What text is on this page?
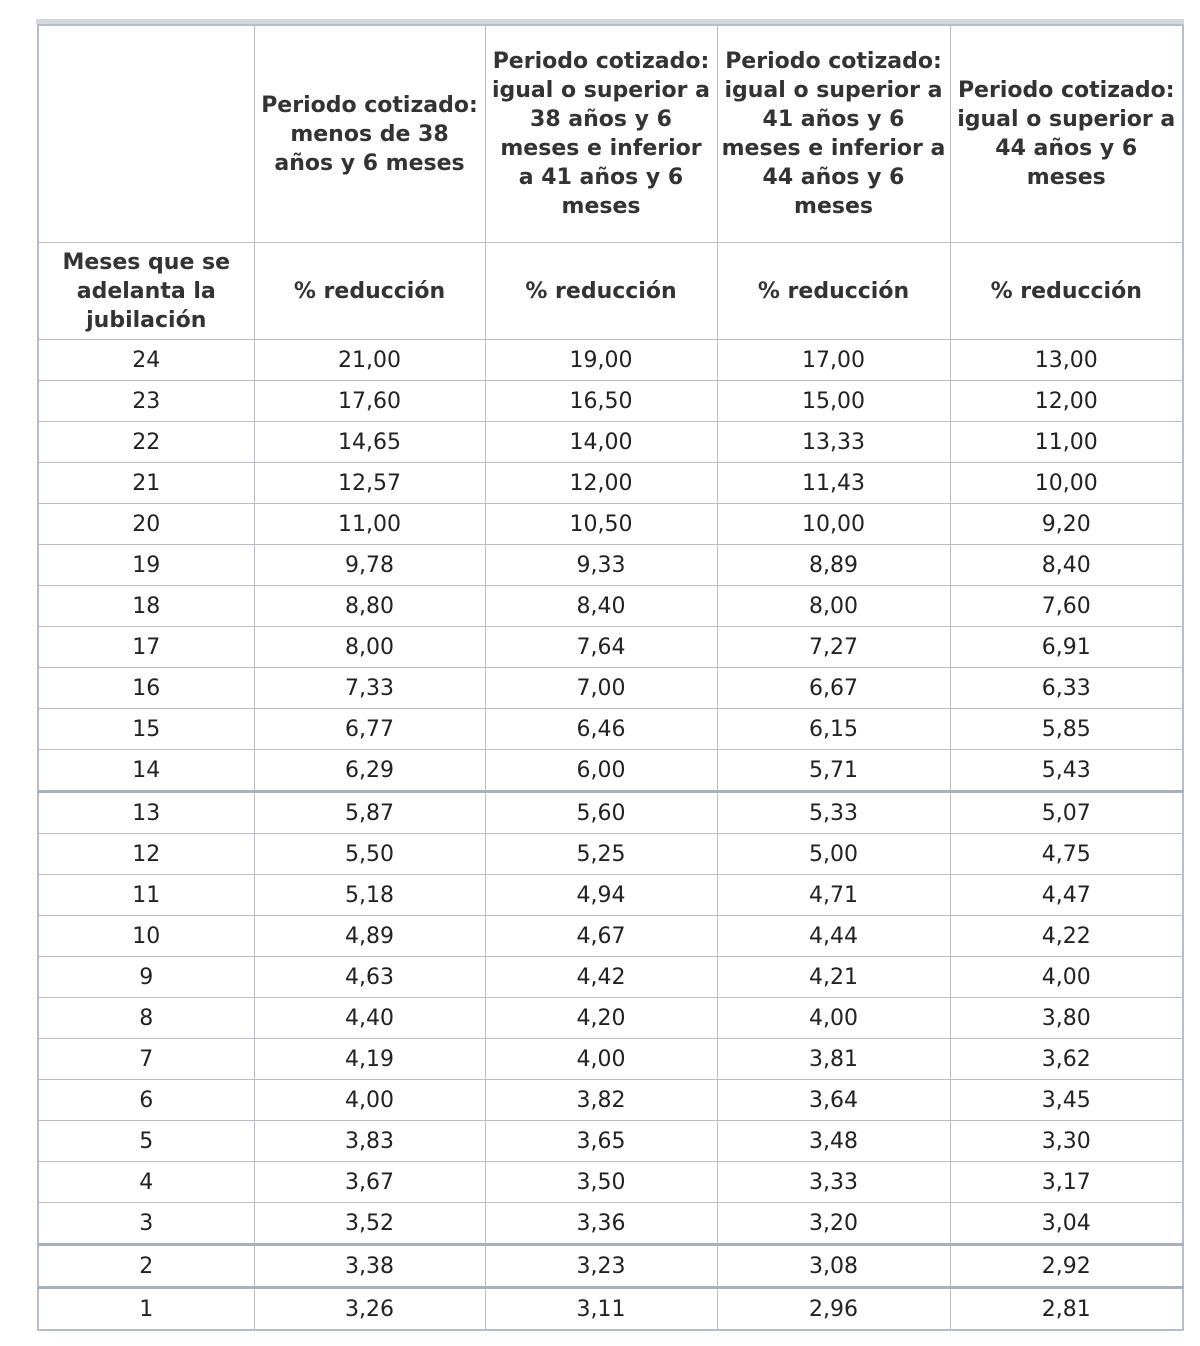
	Periodo cotizado: menos de 38 años y 6 meses	Periodo cotizado: igual o superior a 38 años y 6 meses e inferior a 41 años y 6 meses	Periodo cotizado: igual o superior a 41 años y 6 meses e inferior a 44 años y 6 meses	Periodo cotizado: igual o superior a 44 años y 6 meses
Meses que se adelanta la jubilación	% reducción	% reducción	% reducción	% reducción
24	21,00	19,00	17,00	13,00
23	17,60	16,50	15,00	12,00
22	14,65	14,00	13,33	11,00
21	12,57	12,00	11,43	10,00
20	11,00	10,50	10,00	9,20
19	9,78	9,33	8,89	8,40
18	8,80	8,40	8,00	7,60
17	8,00	7,64	7,27	6,91
16	7,33	7,00	6,67	6,33
15	6,77	6,46	6,15	5,85
14	6,29	6,00	5,71	5,43
13	5,87	5,60	5,33	5,07
12	5,50	5,25	5,00	4,75
11	5,18	4,94	4,71	4,47
10	4,89	4,67	4,44	4,22
9	4,63	4,42	4,21	4,00
8	4,40	4,20	4,00	3,80
7	4,19	4,00	3,81	3,62
6	4,00	3,82	3,64	3,45
5	3,83	3,65	3,48	3,30
4	3,67	3,50	3,33	3,17
3	3,52	3,36	3,20	3,04
2	3,38	3,23	3,08	2,92
1	3,26	3,11	2,96	2,81
